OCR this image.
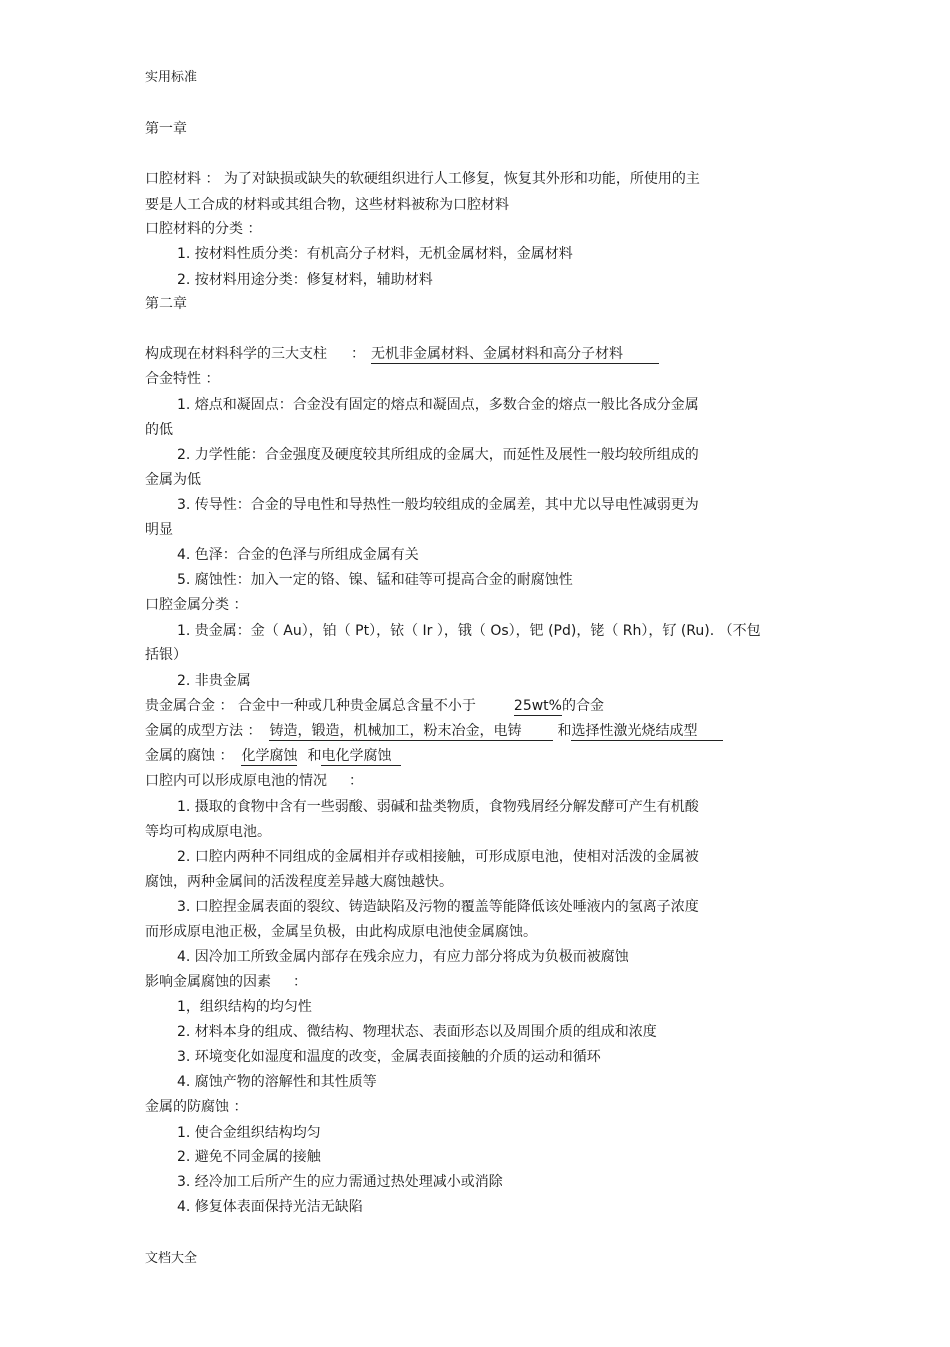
实用标准
第一章
口腔材料 ： 为了对缺损或缺失的软硬组织进行人工修复，恢复其外形和功能，所使用的主
要是人工合成的材料或其组合物，这些材料被称为口腔材料
口腔材料的分类 ：
1. 按材料性质分类：有机高分子材料，无机金属材料，金属材料
2. 按材料用途分类：修复材料，辅助材料
第二章
构成现在材料科学的三大支柱 ： 无机非金属材料、金属材料和高分子材料
合金特性 ：
1. 熔点和凝固点：合金没有固定的熔点和凝固点，多数合金的熔点一般比各成分金属
的低
2. 力学性能：合金强度及硬度较其所组成的金属大，而延性及展性一般均较所组成的
金属为低
3. 传导性：合金的导电性和导热性一般均较组成的金属差，其中尤以导电性减弱更为
明显
4. 色泽：合金的色泽与所组成金属有关
5. 腐蚀性：加入一定的铬、镍、锰和硅等可提高合金的耐腐蚀性
口腔金属分类 ：
1. 贵金属：金（ Au），铂（ Pt），铱（ Ir ），锇（ Os），钯 (Pd)，铑（ Rh），钌 (Ru). （不包
括银）
2. 非贵金属
贵金属合金 ： 合金中一种或几种贵金属总含量不小于	25wt%的合金
金属的成型方法 ： 铸造，锻造，机械加工，粉末冶金，电铸	和选择性激光烧结成型
金属的腐蚀 ： 化学腐蚀 和电化学腐蚀
口腔内可以形成原电池的情况 ：
1. 摄取的食物中含有一些弱酸、弱碱和盐类物质，食物残屑经分解发酵可产生有机酸
等均可构成原电池。
2. 口腔内两种不同组成的金属相并存或相接触，可形成原电池，使相对活泼的金属被
腐蚀，两种金属间的活泼程度差异越大腐蚀越快。
3. 口腔捏金属表面的裂纹、铸造缺陷及污物的覆盖等能降低该处唾液内的氢离子浓度
而形成原电池正极，金属呈负极，由此构成原电池使金属腐蚀。
4. 因冷加工所致金属内部存在残余应力，有应力部分将成为负极而被腐蚀
影响金属腐蚀的因素 ：
1，组织结构的均匀性
2. 材料本身的组成、微结构、物理状态、表面形态以及周围介质的组成和浓度
3. 环境变化如湿度和温度的改变，金属表面接触的介质的运动和循环
4. 腐蚀产物的溶解性和其性质等
金属的防腐蚀 ：
1. 使合金组织结构均匀
2. 避免不同金属的接触
3. 经冷加工后所产生的应力需通过热处理减小或消除
4. 修复体表面保持光洁无缺陷
文档大全
